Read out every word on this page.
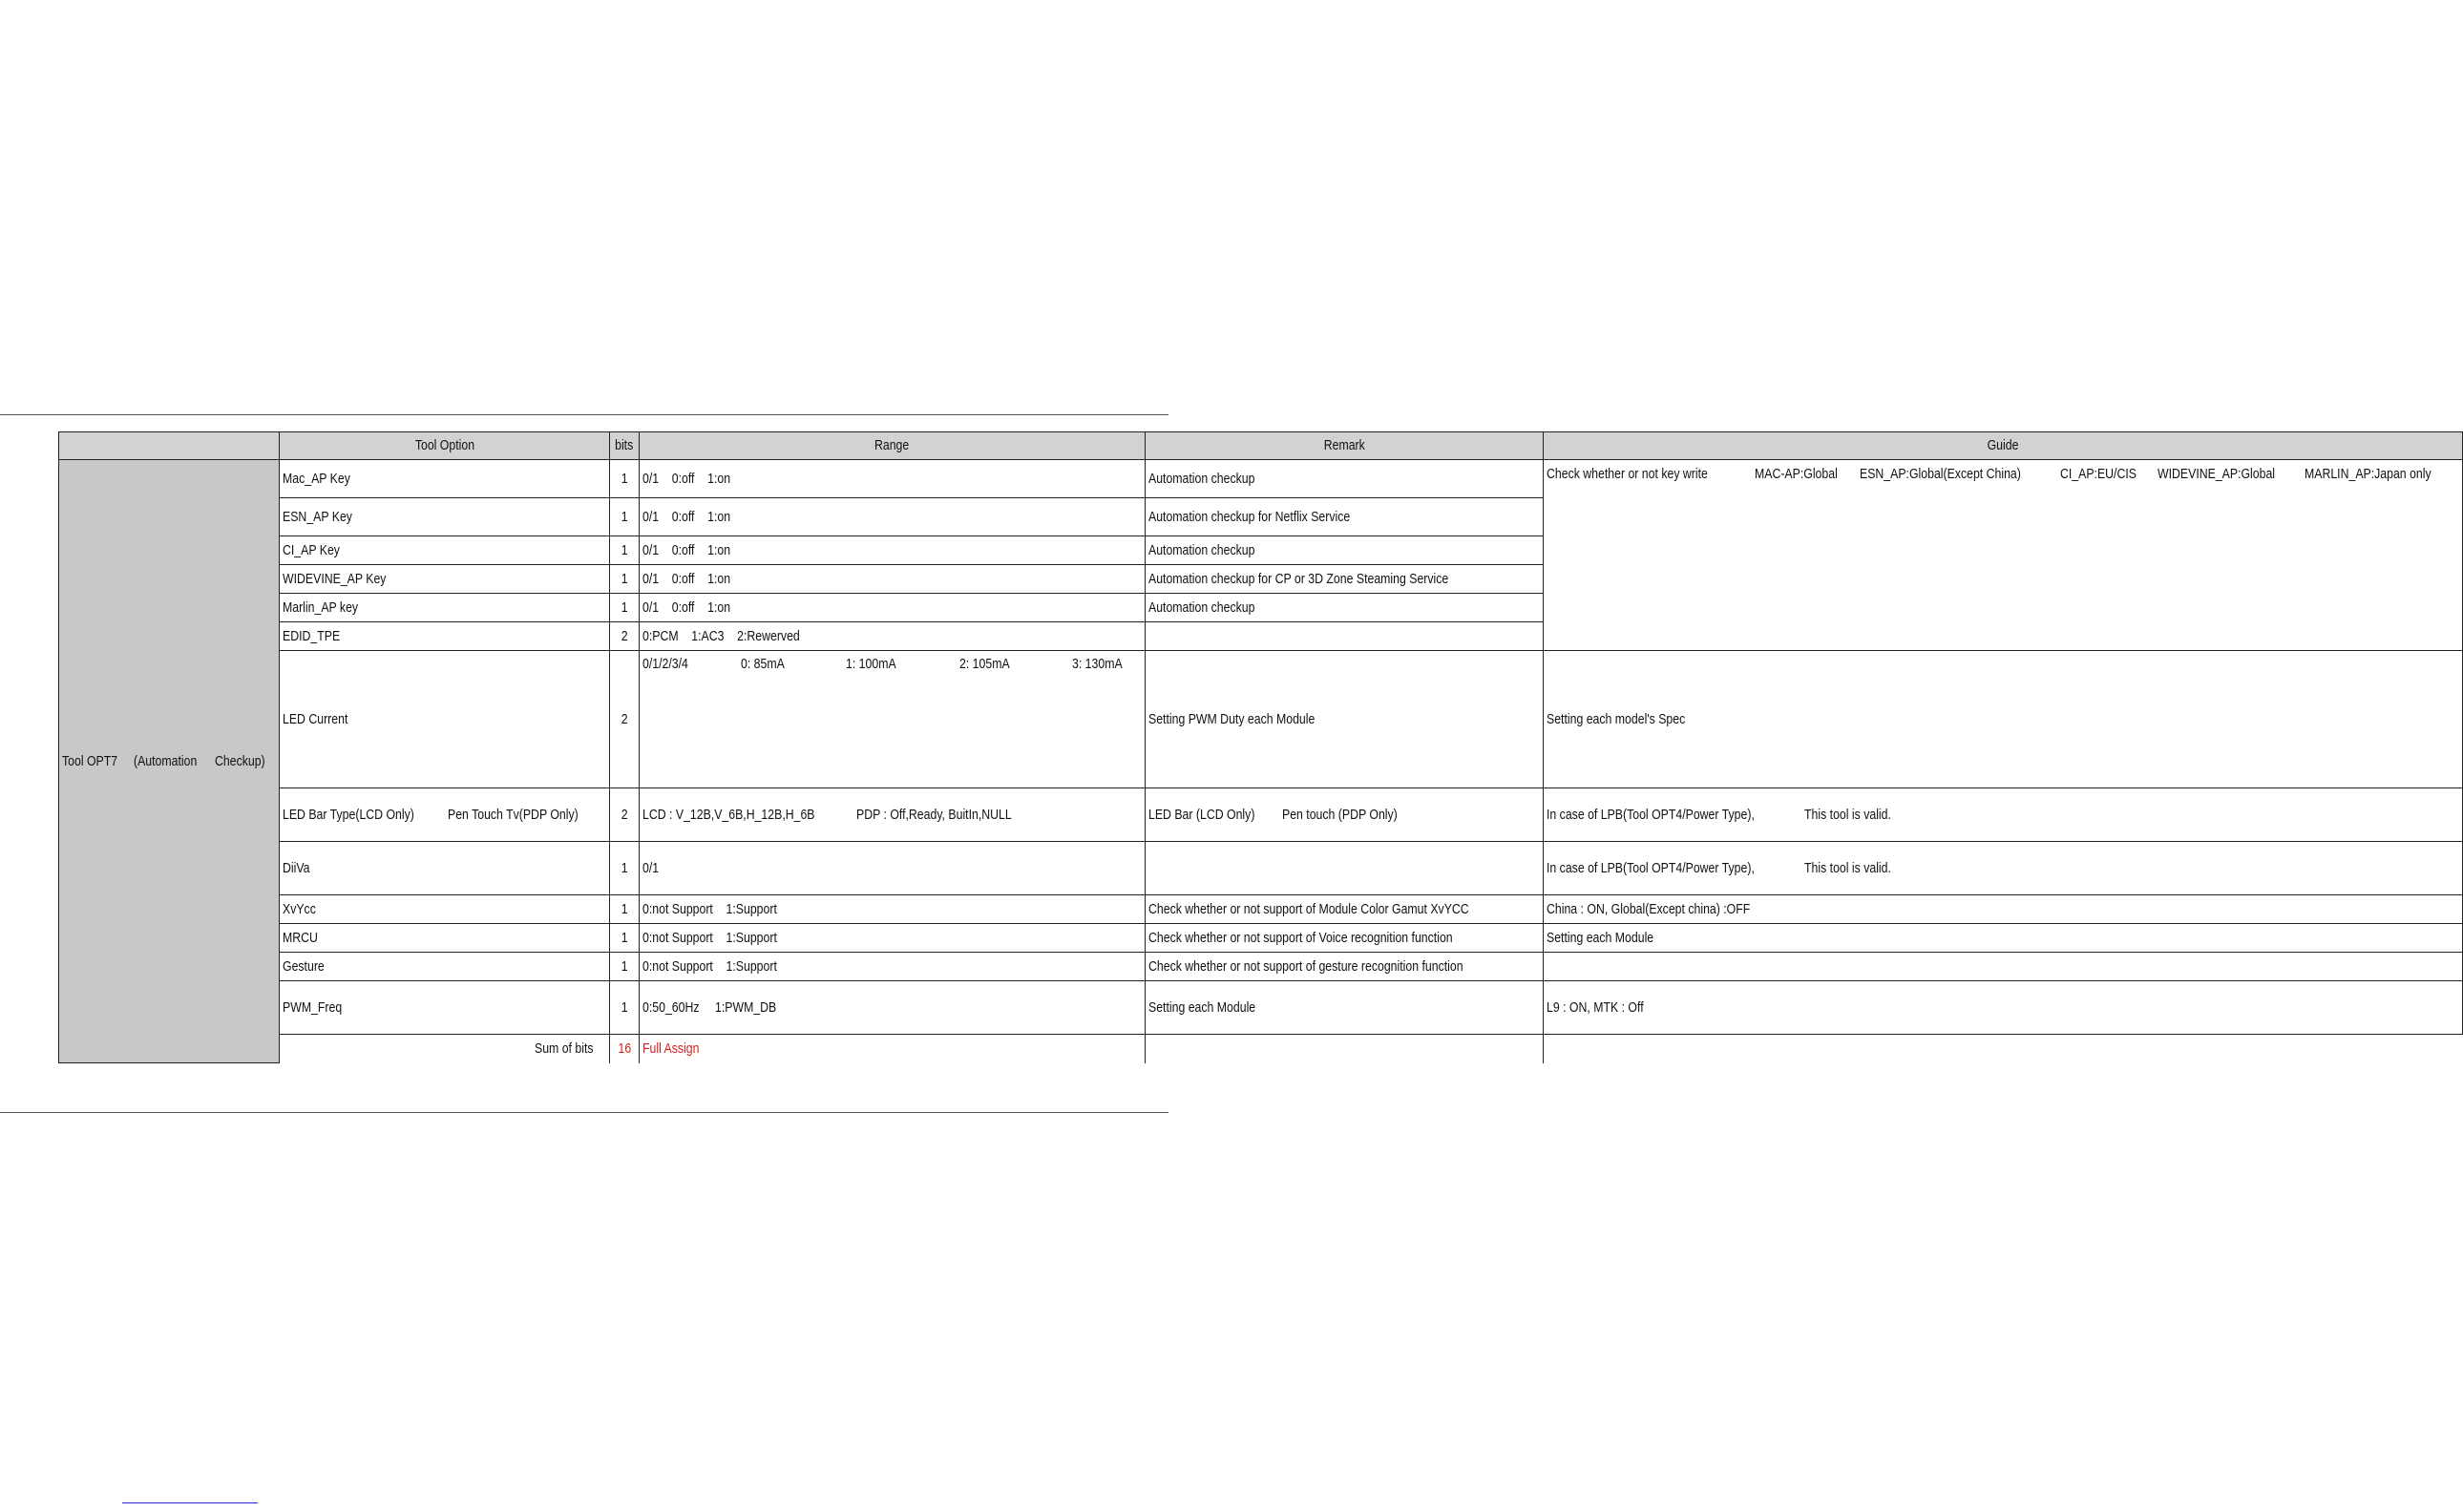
	Tool Option	bits	Range	Remark	Guide
Tool OPT7 (Automation Checkup)	Mac_AP Key	1	0/1    0:off    1:on	Automation checkup	Check whether or not key write MAC-AP:Global ESN_AP:Global(Except China) CI_AP:EU/CIS WIDEVINE_AP:Global MARLIN_AP:Japan only
	ESN_AP Key	1	0/1    0:off    1:on	Automation checkup for Netflix Service	
	CI_AP Key	1	0/1    0:off    1:on	Automation checkup	
	WIDEVINE_AP Key	1	0/1    0:off    1:on	Automation checkup for CP or 3D Zone Steaming Service	
	Marlin_AP key	1	0/1    0:off    1:on	Automation checkup	
	EDID_TPE	2	0:PCM    1:AC3    2:Rewerved		
	LED Current	2	0/1/2/3/4 0: 85mA 1: 100mA 2: 105mA 3: 130mA	Setting PWM Duty each Module	Setting each model's Spec
	LED Bar Type(LCD Only) Pen Touch Tv(PDP Only)	2	LCD : V_12B,V_6B,H_12B,H_6B PDP : Off,Ready, BuitIn,NULL	LED Bar (LCD Only) Pen touch (PDP Only)	In case of LPB(Tool OPT4/Power Type), This tool is valid.
	DiiVa	1	0/1		In case of LPB(Tool OPT4/Power Type), This tool is valid.
	XvYcc	1	0:not Support    1:Support	Check whether or not support of Module Color Gamut XvYCC	China : ON, Global(Except china) :OFF
	MRCU	1	0:not Support    1:Support	Check whether or not support of Voice recognition function	Setting each Module
	Gesture	1	0:not Support    1:Support	Check whether or not support of gesture recognition function	
	PWM_Freq	1	0:50_60Hz 1:PWM_DB	Setting each Module	L9 : ON, MTK : Off
	Sum of bits	16	Full Assign		
